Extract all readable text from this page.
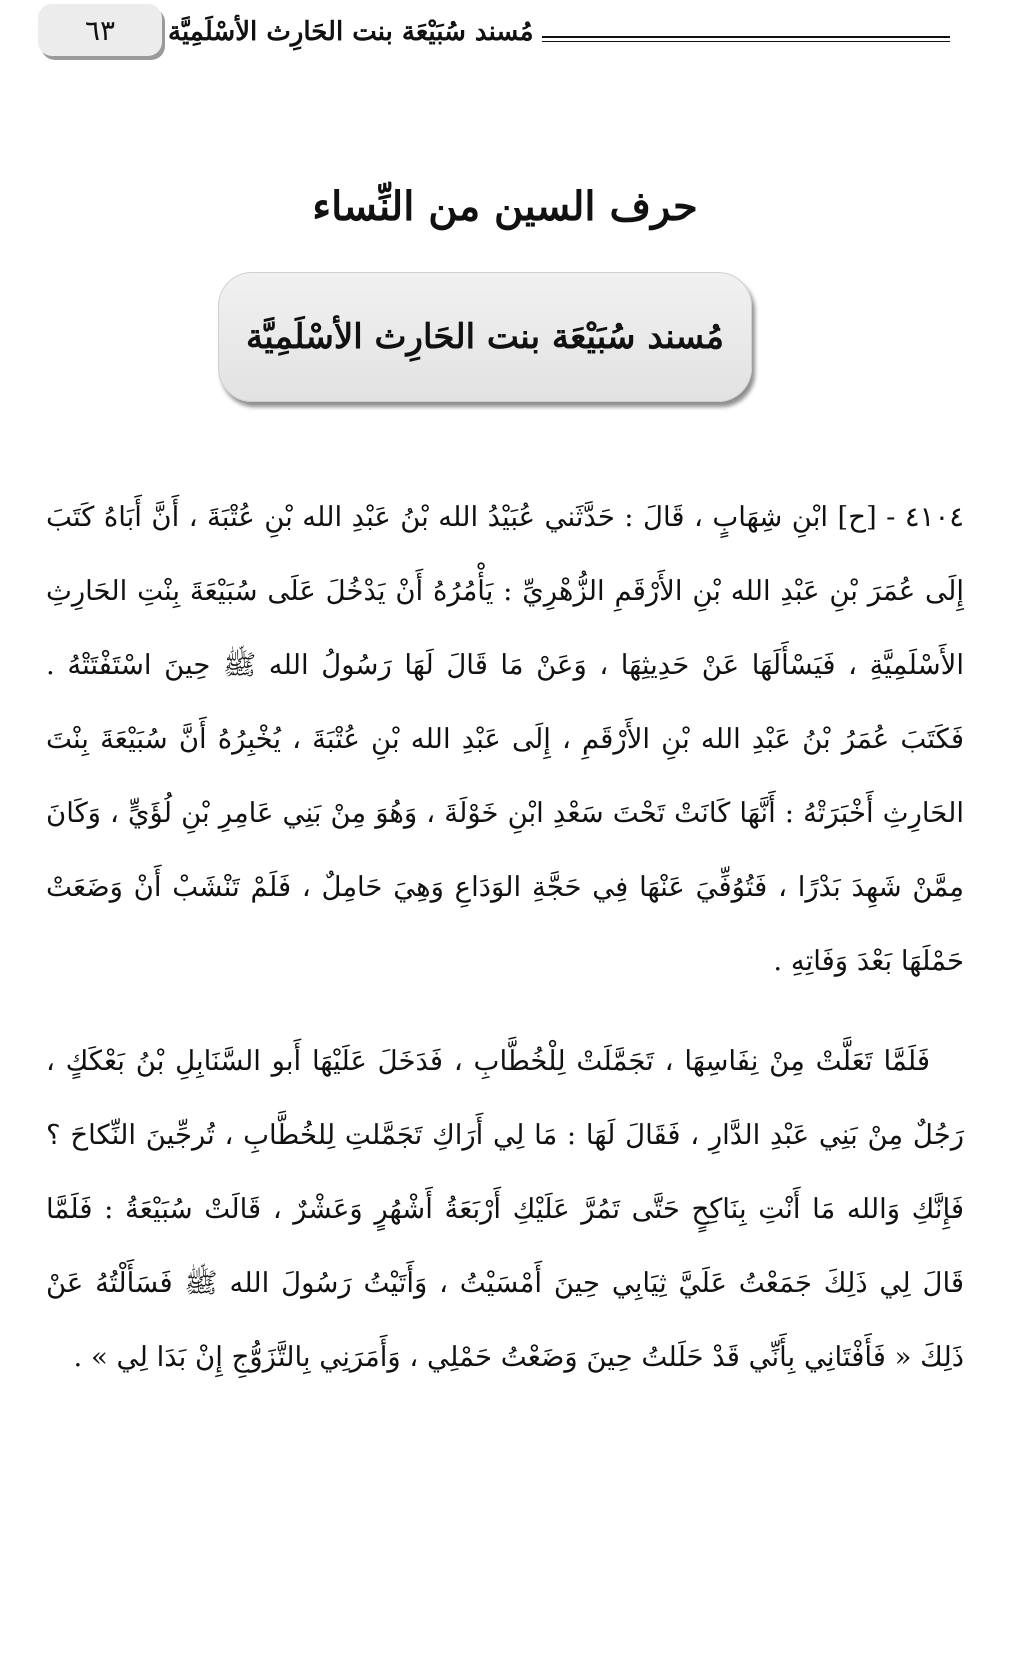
٦٣ مُسند سُبَيْعَة بنت الحَارِث الأسْلَمِيَّة
حرف السين من النِّساء
مُسند سُبَيْعَة بنت الحَارِث الأسْلَمِيَّة

٤١٠٤ - [ح] ابْنِ شِهَابٍ ، قَالَ : حَدَّثَني عُبَيْدُ الله بْنُ عَبْدِ الله بْنِ عُتْبَةَ ، أَنَّ أَبَاهُ كَتَبَ إِلَى عُمَرَ بْنِ عَبْدِ الله بْنِ الأَرْقَمِ الزُّهْرِيِّ : يَأْمُرُهُ أَنْ يَدْخُلَ عَلَى سُبَيْعَةَ بِنْتِ الحَارِثِ الأَسْلَمِيَّةِ ، فَيَسْأَلَهَا عَنْ حَدِيثِهَا ، وَعَنْ مَا قَالَ لَهَا رَسُولُ الله ﷺ حِينَ اسْتَفْتَتْهُ . فَكَتَبَ عُمَرُ بْنُ عَبْدِ الله بْنِ الأَرْقَمِ ، إِلَى عَبْدِ الله بْنِ عُتْبَةَ ، يُخْبِرُهُ أَنَّ سُبَيْعَةَ بِنْتَ الحَارِثِ أَخْبَرَتْهُ : أَنَّهَا كَانَتْ تَحْتَ سَعْدِ ابْنِ خَوْلَةَ ، وَهُوَ مِنْ بَنِي عَامِرِ بْنِ لُؤَيٍّ ، وَكَانَ مِمَّنْ شَهِدَ بَدْرًا ، فَتُوُفِّيَ عَنْهَا فِي حَجَّةِ الوَدَاعِ وَهِيَ حَامِلٌ ، فَلَمْ تَنْشَبْ أَنْ وَضَعَتْ حَمْلَهَا بَعْدَ وَفَاتِهِ .

فَلَمَّا تَعَلَّتْ مِنْ نِفَاسِهَا ، تَجَمَّلَتْ لِلْخُطَّابِ ، فَدَخَلَ عَلَيْهَا أَبو السَّنَابِلِ بْنُ بَعْكَكٍ ، رَجُلٌ مِنْ بَنِي عَبْدِ الدَّارِ ، فَقَالَ لَهَا : مَا لِي أَرَاكِ تَجَمَّلتِ لِلخُطَّابِ ، تُرجِّينَ النِّكاحَ ؟ فَإِنَّكِ وَالله مَا أَنْتِ بِنَاكِحٍ حَتَّى تَمُرَّ عَلَيْكِ أَرْبَعَةُ أَشْهُرٍ وَعَشْرٌ ، قَالَتْ سُبَيْعَةُ : فَلَمَّا قَالَ لِي ذَلِكَ جَمَعْتُ عَلَيَّ ثِيَابِي حِينَ أَمْسَيْتُ ، وَأَتَيْتُ رَسُولَ الله ﷺ فَسَأَلْتُهُ عَنْ ذَلِكَ « فَأَفْتَانِي بِأَنِّي قَدْ حَلَلتُ حِينَ وَضَعْتُ حَمْلِي ، وَأَمَرَنِي بِالتَّزَوُّجِ إِنْ بَدَا لِي » .
